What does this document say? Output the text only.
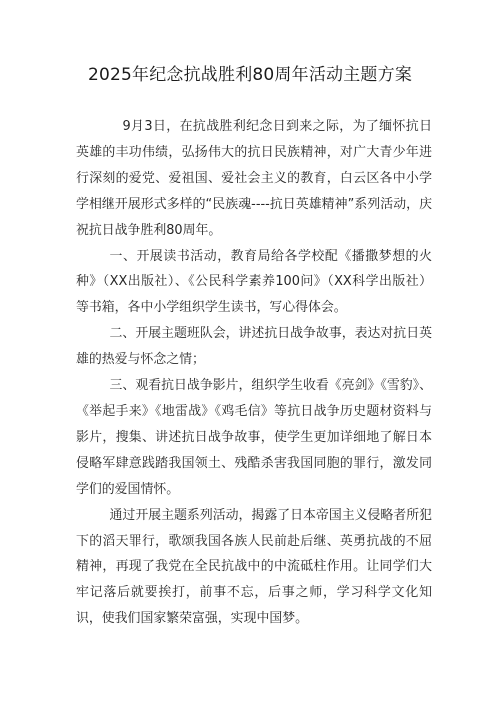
2025年纪念抗战胜利80周年活动主题方案

9月3日，在抗战胜利纪念日到来之际，为了缅怀抗日英雄的丰功伟绩，弘扬伟大的抗日民族精神，对广大青少年进行深刻的爱党、爱祖国、爱社会主义的教育，白云区各中小学学相继开展形式多样的“民族魂----抗日英雄精神”系列活动，庆祝抗日战争胜利80周年。

一、开展读书活动，教育局给各学校配《播撒梦想的火种》（XX出版社）、《公民科学素养100问》（XX科学出版社）等书箱，各中小学组织学生读书，写心得体会。

二、开展主题班队会，讲述抗日战争故事，表达对抗日英雄的热爱与怀念之情；

三、观看抗日战争影片，组织学生收看《亮剑》《雪豹》、《举起手来》《地雷战》《鸡毛信》等抗日战争历史题材资料与影片，搜集、讲述抗日战争故事，使学生更加详细地了解日本侵略军肆意践踏我国领土、残酷杀害我国同胞的罪行，激发同学们的爱国情怀。

通过开展主题系列活动，揭露了日本帝国主义侵略者所犯下的滔天罪行，歌颂我国各族人民前赴后继、英勇抗战的不屈精神，再现了我党在全民抗战中的中流砥柱作用。让同学们大牢记落后就要挨打，前事不忘，后事之师，学习科学文化知识，使我们国家繁荣富强，实现中国梦。
